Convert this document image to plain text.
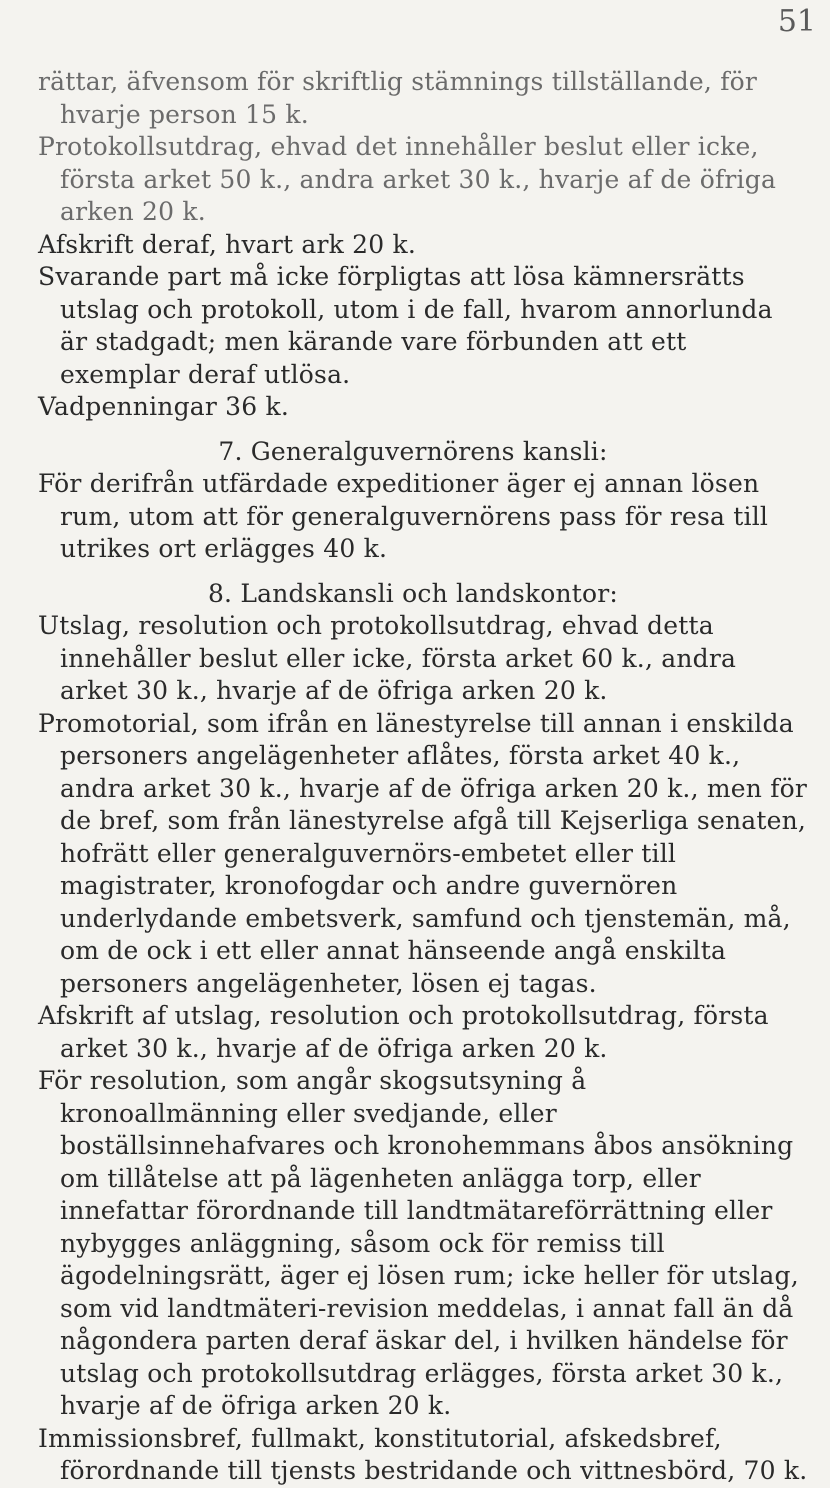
51

rättar, äfvensom för skriftlig stämnings tillställande, för hvarje person 15 k.

Protokollsutdrag, ehvad det innehåller beslut eller icke, första arket 50 k., andra arket 30 k., hvarje af de öfriga arken 20 k.

Afskrift deraf, hvart ark 20 k.

Svarande part må icke förpligtas att lösa kämnersrätts utslag och protokoll, utom i de fall, hvarom annorlunda är stadgadt; men kärande vare förbunden att ett exemplar deraf utlösa.

Vadpenningar 36 k.

7. Generalguvernörens kansli:

För derifrån utfärdade expeditioner äger ej annan lösen rum, utom att för generalguvernörens pass för resa till utrikes ort erlägges 40 k.

8. Landskansli och landskontor:

Utslag, resolution och protokollsutdrag, ehvad detta innehåller beslut eller icke, första arket 60 k., andra arket 30 k., hvarje af de öfriga arken 20 k.

Promotorial, som ifrån en länestyrelse till annan i enskilda personers angelägenheter aflåtes, första arket 40 k., andra arket 30 k., hvarje af de öfriga arken 20 k., men för de bref, som från länestyrelse afgå till Kejserliga senaten, hofrätt eller generalguvernörs-embetet eller till magistrater, kronofogdar och andre guvernören underlydande embetsverk, samfund och tjenstemän, må, om de ock i ett eller annat hänseende angå enskilta personers angelägenheter, lösen ej tagas.

Afskrift af utslag, resolution och protokollsutdrag, första arket 30 k., hvarje af de öfriga arken 20 k.

För resolution, som angår skogsutsyning å kronoallmänning eller svedjande, eller boställsinnehafvares och kronohemmans åbos ansökning om tillåtelse att på lägenheten anlägga torp, eller innefattar förordnande till landtmätareförrättning eller nybygges anläggning, såsom ock för remiss till ägodelningsrätt, äger ej lösen rum; icke heller för utslag, som vid landtmäteri-revision meddelas, i annat fall än då någondera parten deraf äskar del, i hvilken händelse för utslag och protokollsutdrag erlägges, första arket 30 k., hvarje af de öfriga arken 20 k.

Immissionsbref, fullmakt, konstitutorial, afskedsbref, förordnande till tjensts bestridande och vittnesbörd, 70 k.
